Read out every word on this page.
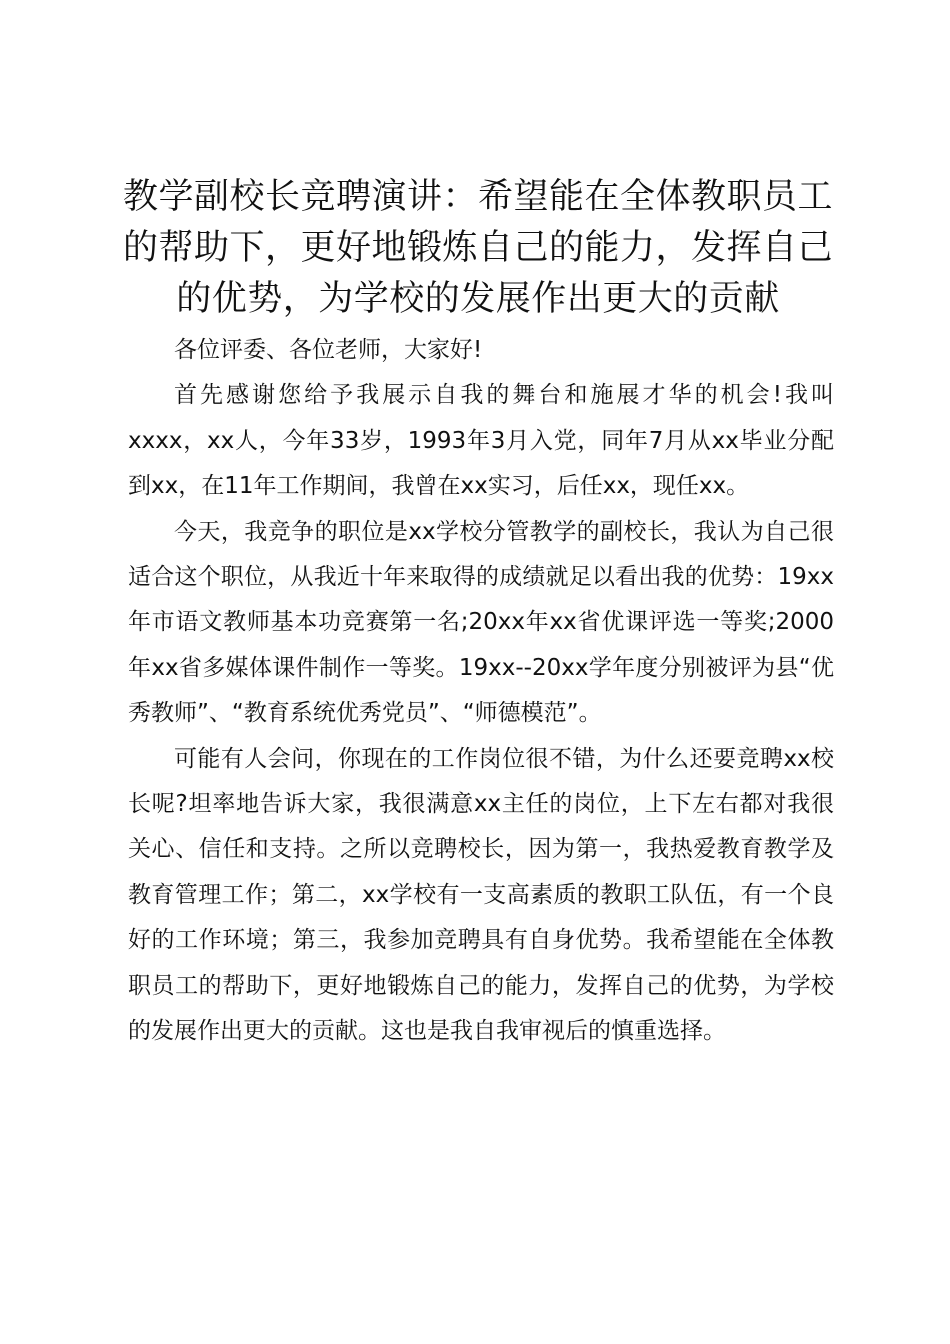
教学副校长竞聘演讲：希望能在全体教职员工的帮助下，更好地锻炼自己的能力，发挥自己的优势，为学校的发展作出更大的贡献

各位评委、各位老师，大家好!

首先感谢您给予我展示自我的舞台和施展才华的机会!我叫xxxx，xx人，今年33岁，1993年3月入党，同年7月从xx毕业分配到xx，在11年工作期间，我曾在xx实习，后任xx，现任xx。

今天，我竞争的职位是xx学校分管教学的副校长，我认为自己很适合这个职位，从我近十年来取得的成绩就足以看出我的优势：19xx年市语文教师基本功竞赛第一名;20xx年xx省优课评选一等奖;2000年xx省多媒体课件制作一等奖。19xx--20xx学年度分别被评为县“优秀教师”、“教育系统优秀党员”、“师德模范”。

可能有人会问，你现在的工作岗位很不错，为什么还要竞聘xx校长呢?坦率地告诉大家，我很满意xx主任的岗位，上下左右都对我很关心、信任和支持。之所以竞聘校长，因为第一，我热爱教育教学及教育管理工作；第二，xx学校有一支高素质的教职工队伍，有一个良好的工作环境；第三，我参加竞聘具有自身优势。我希望能在全体教职员工的帮助下，更好地锻炼自己的能力，发挥自己的优势，为学校的发展作出更大的贡献。这也是我自我审视后的慎重选择。
